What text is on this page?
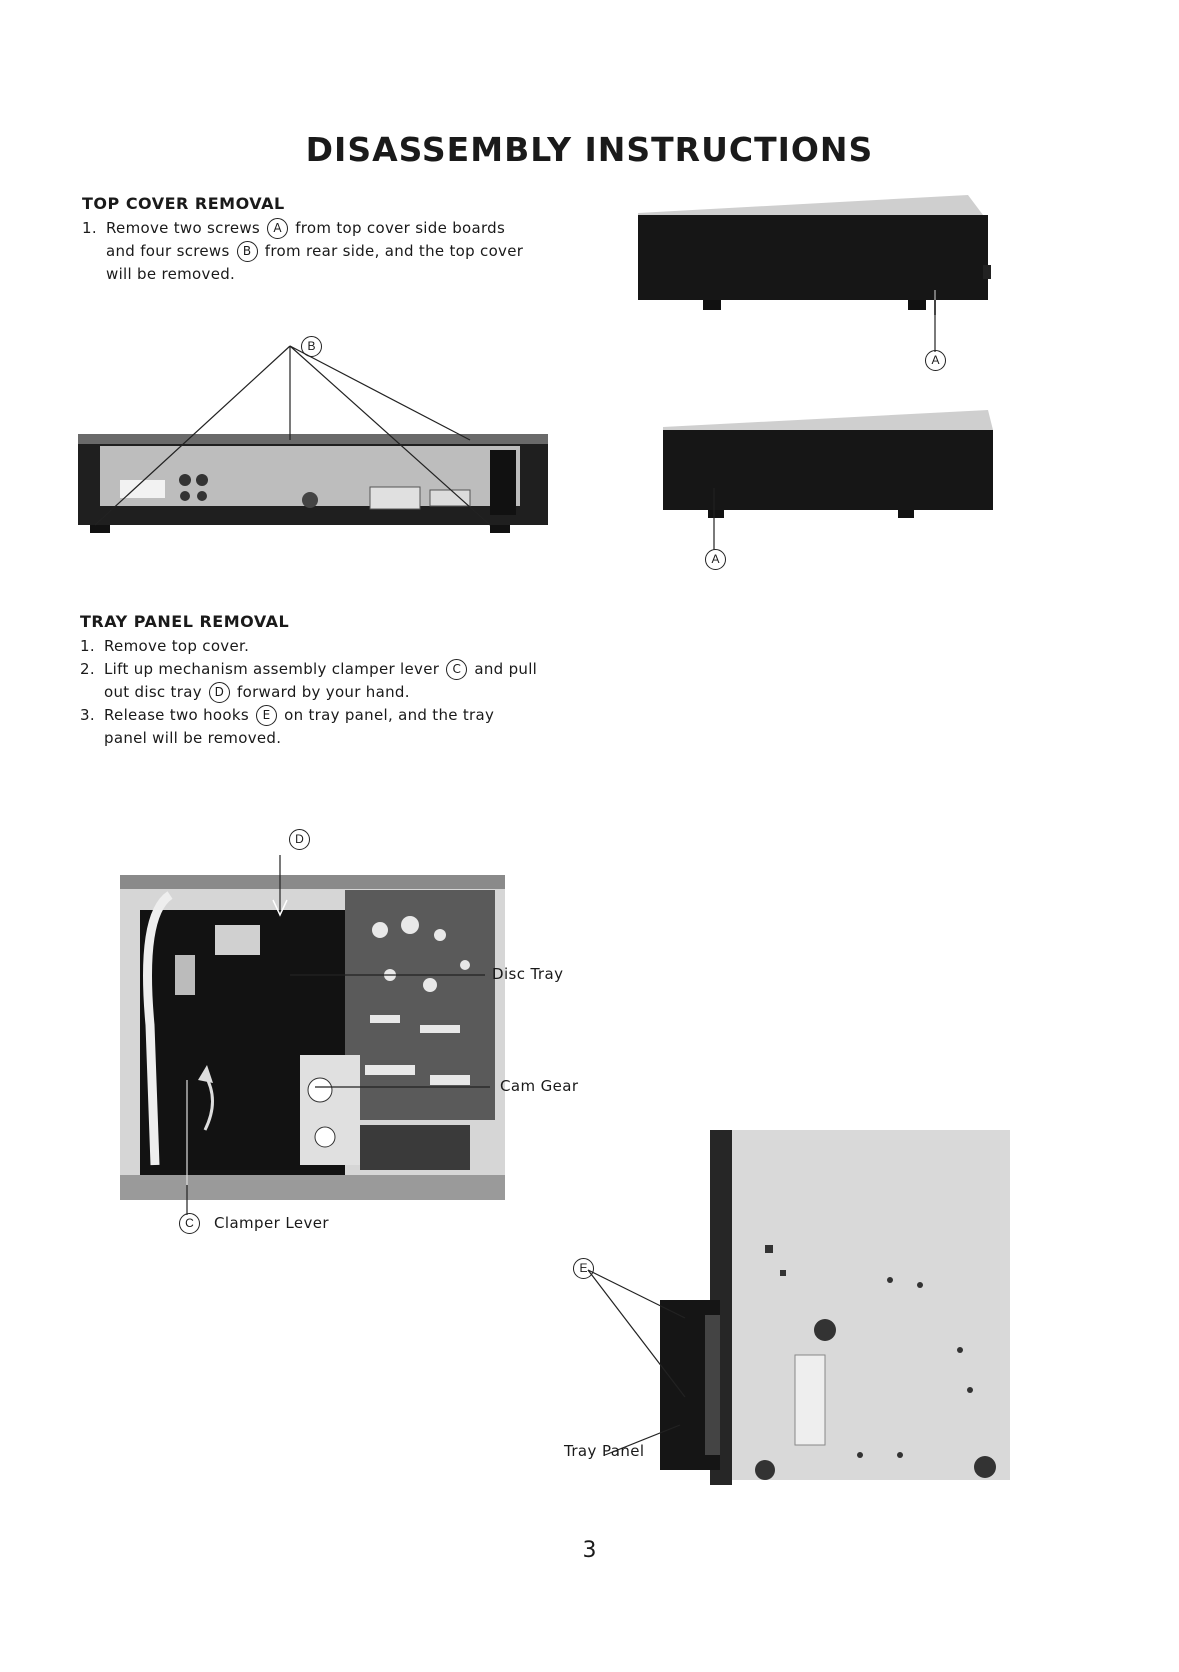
DISASSEMBLY INSTRUCTIONS
TOP COVER REMOVAL
1. Remove two screws A from top cover side boards and four screws B from rear side, and the top cover will be removed.
B
A
A
TRAY PANEL REMOVAL
1. Remove top cover.
2. Lift up mechanism assembly clamper lever C and pull out disc tray D forward by your hand.
3. Release two hooks E on tray panel, and the tray panel will be removed.
D
Disc Tray
Cam Gear
C	Clamper Lever
E
Tray Panel
3
